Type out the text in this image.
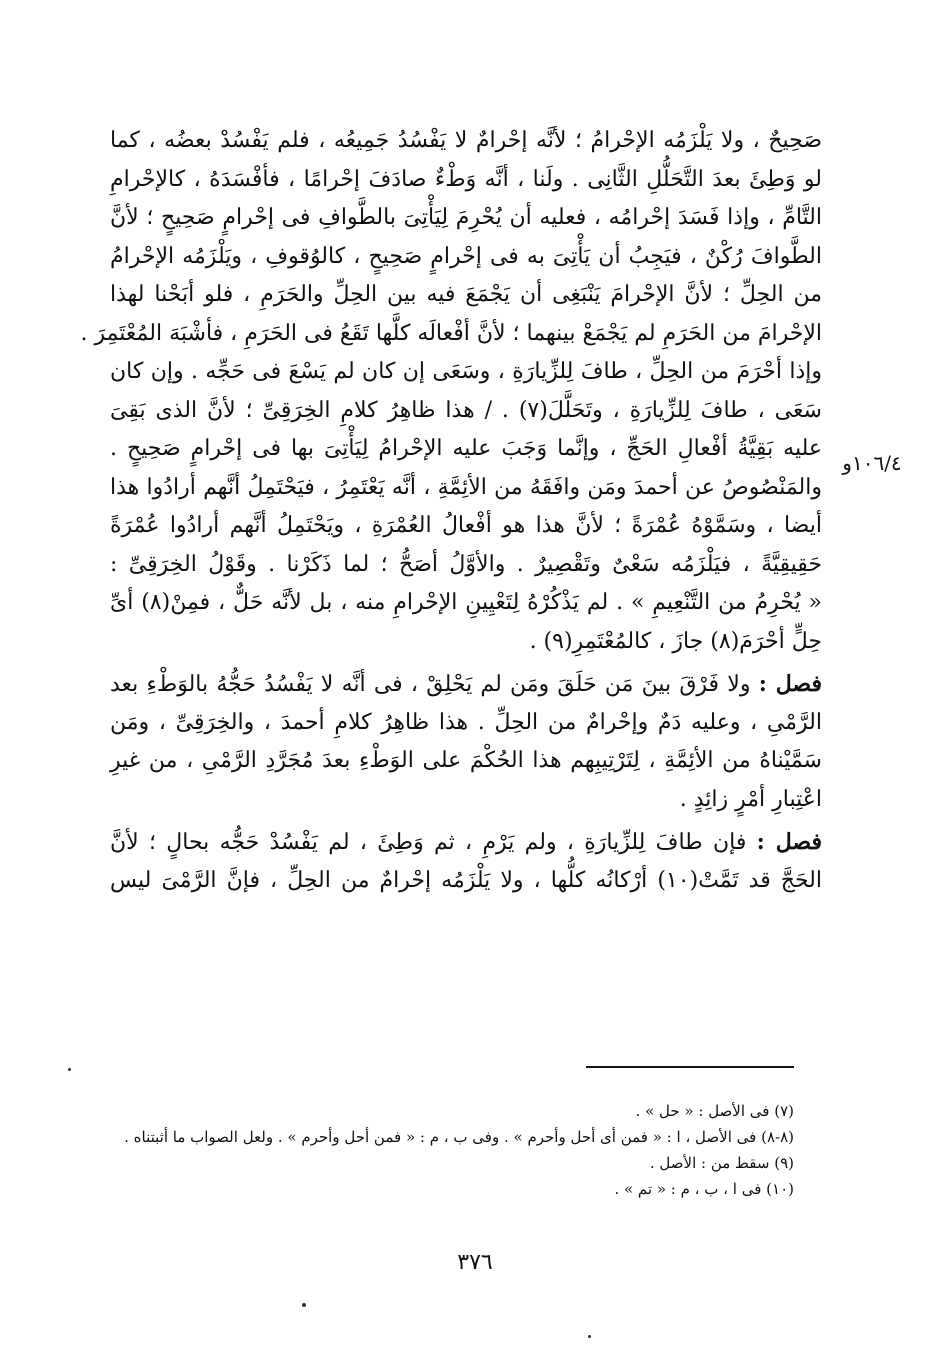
صَحِيحٌ ، ولا يَلْزَمُه الإحْرامُ ؛ لأنَّه إحْرامٌ لا يَفْسُدُ جَمِيعُه ، فلم يَفْسُدْ بعضُه ، كما
لو وَطِئَ بعدَ التَّحَلُّلِ الثَّانِى . ولَنا ، أنَّه وَطْءٌ صادَفَ إحْرامًا ، فأفْسَدَهُ ، كالإحْرامِ
التَّامِّ ، وإذا فَسَدَ إحْرامُه ، فعليه أن يُحْرِمَ لِيَأْتِىَ بالطَّوافِ فى إحْرامٍ صَحِيحٍ ؛ لأنَّ
الطَّوافَ رُكْنٌ ، فيَجِبُ أن يَأْتِىَ به فى إحْرامٍ صَحِيحٍ ، كالوُقوفِ ، ويَلْزَمُه الإحْرامُ
من الحِلِّ ؛ لأنَّ الإحْرامَ يَنْبَغِى أن يَجْمَعَ فيه بين الحِلِّ والحَرَمِ ، فلو أبَحْنا لهذا
الإحْرامَ من الحَرَمِ لم يَجْمَعْ بينهما ؛ لأنَّ أفْعالَه كلَّها تَقَعُ فى الحَرَمِ ، فأشْبَهَ المُعْتَمِرَ .
وإذا أحْرَمَ من الحِلِّ ، طافَ لِلزِّيارَةِ ، وسَعَى إن كان لم يَسْعَ فى حَجِّه . وإن كان
سَعَى ، طافَ لِلزِّيارَةِ ، وتَحَلَّلَ(٧) . / هذا ظاهِرُ كلامِ الخِرَقِىِّ ؛ لأنَّ الذى بَقِىَ
عليه بَقِيَّةُ أفْعالِ الحَجِّ ، وإنَّما وَجَبَ عليه الإحْرامُ لِيَأْتِىَ بها فى إحْرامٍ صَحِيحٍ .
والمَنْصُوصُ عن أحمدَ ومَن وافَقَهُ من الأئِمَّةِ ، أنَّه يَعْتَمِرُ ، فيَحْتَمِلُ أنَّهم أرادُوا هذا
أيضا ، وسَمَّوْهُ عُمْرَةً ؛ لأنَّ هذا هو أفْعالُ العُمْرَةِ ، ويَحْتَمِلُ أنَّهم أرادُوا عُمْرَةً
حَقِيقِيَّةً ، فيَلْزَمُه سَعْىٌ وتَقْصِيرٌ . والأوَّلُ أصَحُّ ؛ لما ذَكَرْنا . وقَوْلُ الخِرَقِىِّ :
« يُحْرِمُ من التَّنْعِيمِ » . لم يَذْكُرْهُ لِتَعْيِينِ الإحْرامِ منه ، بل لأنَّه حَلٌّ ، فمِنْ(٨) أىِّ
حِلٍّ أحْرَمَ(٨) جازَ ، كالمُعْتَمِرِ(٩) .
فصل : ولا فَرْقَ بينَ مَن حَلَقَ ومَن لم يَحْلِقْ ، فى أنَّه لا يَفْسُدُ حَجُّهُ بالوَطْءِ بعد
الرَّمْىِ ، وعليه دَمٌ وإحْرامٌ من الحِلِّ . هذا ظاهِرُ كلامِ أحمدَ ، والخِرَقِىِّ ، ومَن
سَمَّيْناهُ من الأئِمَّةِ ، لِتَرْتِيبِهم هذا الحُكْمَ على الوَطْءِ بعدَ مُجَرَّدِ الرَّمْىِ ، من غيرِ
اعْتِبارِ أمْرٍ زائِدٍ .
فصل : فإن طافَ لِلزِّيارَةِ ، ولم يَرْمِ ، ثم وَطِئَ ، لم يَفْسُدْ حَجُّه بحالٍ ؛ لأنَّ
الحَجَّ قد تَمَّتْ(١٠) أرْكانُه كلُّها ، ولا يَلْزَمُه إحْرامٌ من الحِلِّ ، فإنَّ الرَّمْىَ ليس
١٠٦/٤و
(٧) فى الأصل : « حل » .
(٨-٨) فى الأصل ، ا : « فمن أى أحل وأحرم » . وفى ب ، م : « فمن أحل وأحرم » . ولعل الصواب ما أثبتناه .
(٩) سقط من : الأصل .
(١٠) فى ا ، ب ، م : « تم » .
٣٧٦
